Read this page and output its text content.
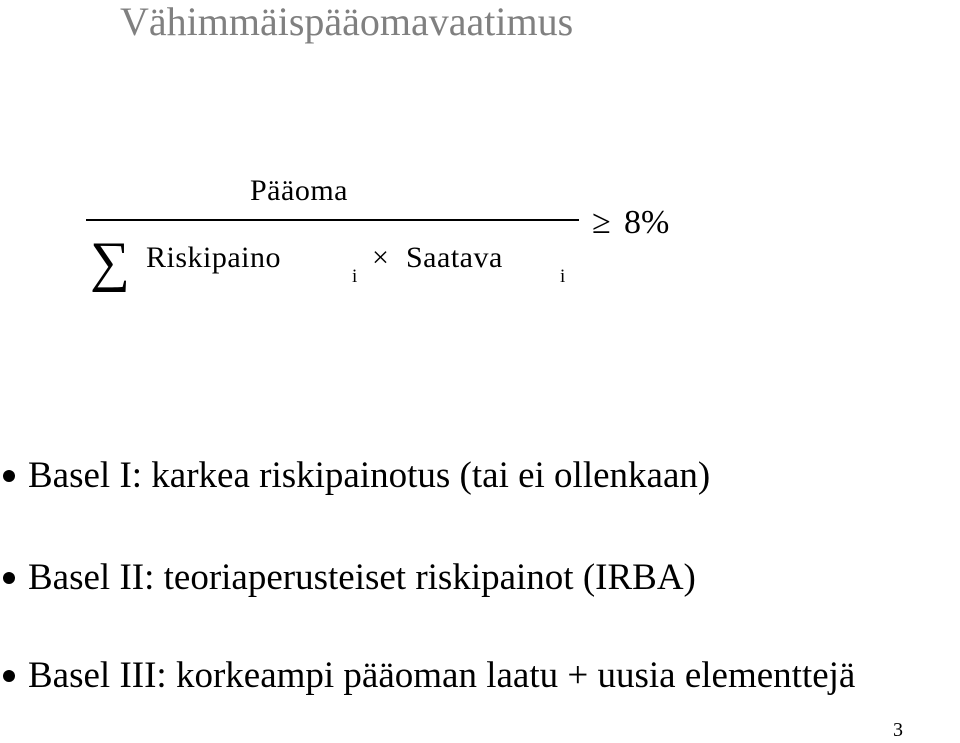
Vähimmäispääomavaatimus
Pääoma
∑ Riskipaino
i
× Saatava
i
≥ 8%
Basel I: karkea riskipainotus (tai ei ollenkaan)
Basel II: teoriaperusteiset riskipainot (IRBA)
Basel III: korkeampi pääoman laatu + uusia elementtejä
3
